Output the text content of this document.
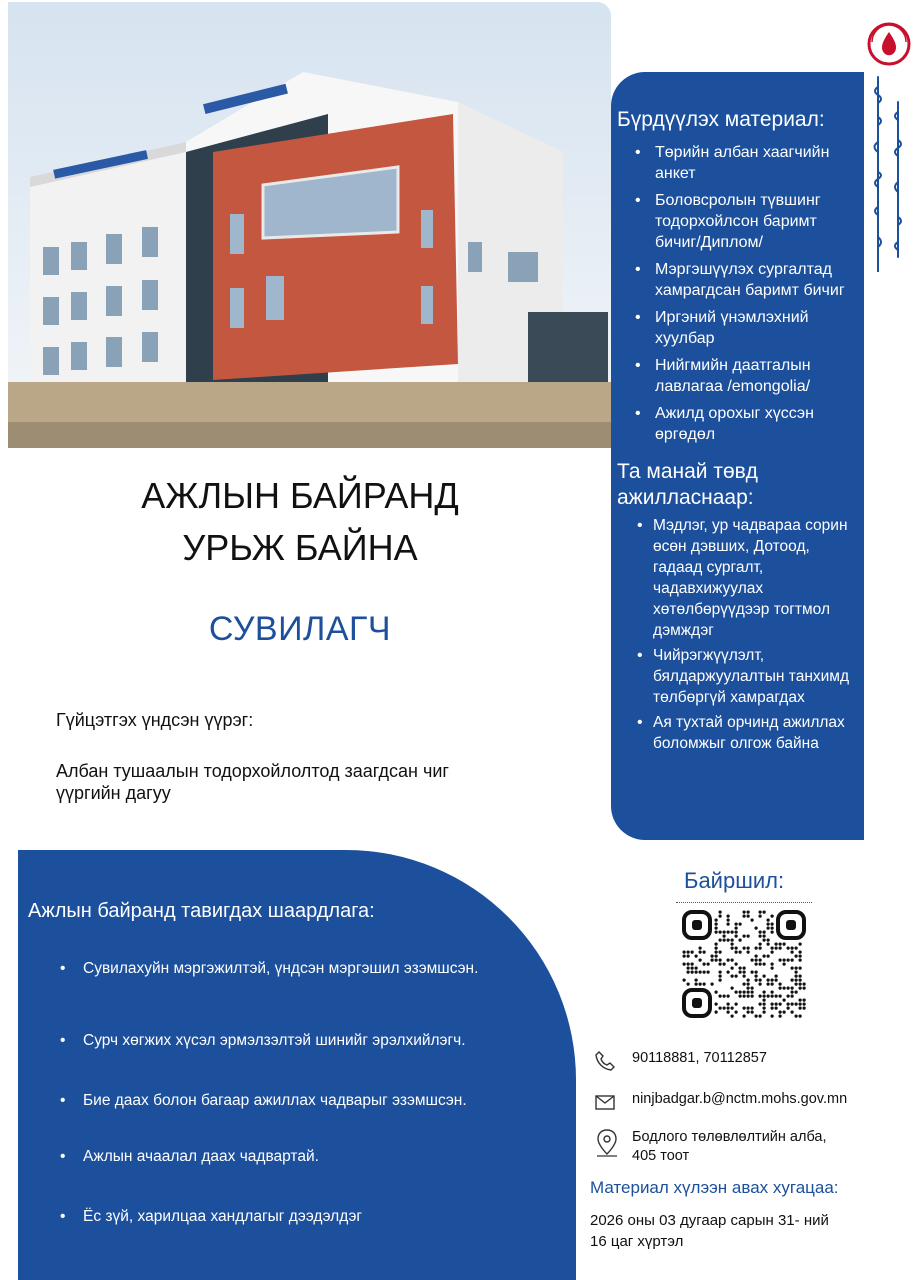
Бүрдүүлэх материал:
• Төрийн албан хаагчийн анкет
• Боловсролын түвшинг тодорхойлсон баримт бичиг/Диплом/
• Мэргэшүүлэх сургалтад хамрагдсан баримт бичиг
• Иргэний үнэмлэхний хуулбар
• Нийгмийн даатгалын лавлагаа /emongolia/
• Ажилд орохыг хүссэн өргөдөл
Та манай төвд ажилласнаар:
• Мэдлэг, ур чадвараа сорин өсөн дэвших, Дотоод, гадаад сургалт, чадавхижуулах хөтөлбөрүүдээр тогтмол дэмждэг
• Чийрэгжүүлэлт, бялдаржуулалтын танхимд төлбөргүй хамрагдах
• Ая тухтай орчинд ажиллах боломжыг олгож байна
АЖЛЫН БАЙРАНД
УРЬЖ БАЙНА
СУВИЛАГЧ
Гүйцэтгэх үндсэн үүрэг:
Албан тушаалын тодорхойлолтод заагдсан чиг үүргийн дагуу
Ажлын байранд тавигдах шаардлага:
• Сувилахуйн мэргэжилтэй, үндсэн мэргэшил эзэмшсэн.
• Сурч хөгжих хүсэл эрмэлзэлтэй шинийг эрэлхийлэгч.
• Бие даах болон багаар ажиллах чадварыг эзэмшсэн.
• Ажлын ачаалал даах чадвартай.
• Ёс зүй, харилцаа хандлагыг дээдэлдэг
Байршил:
90118881, 70112857
ninjbadgar.b@nctm.mohs.gov.mn
Бодлого төлөвлөлтийн алба,
405 тоот
Материал хүлээн авах хугацаа:
2026 оны 03 дугаар сарын 31- ний
16 цаг хүртэл
